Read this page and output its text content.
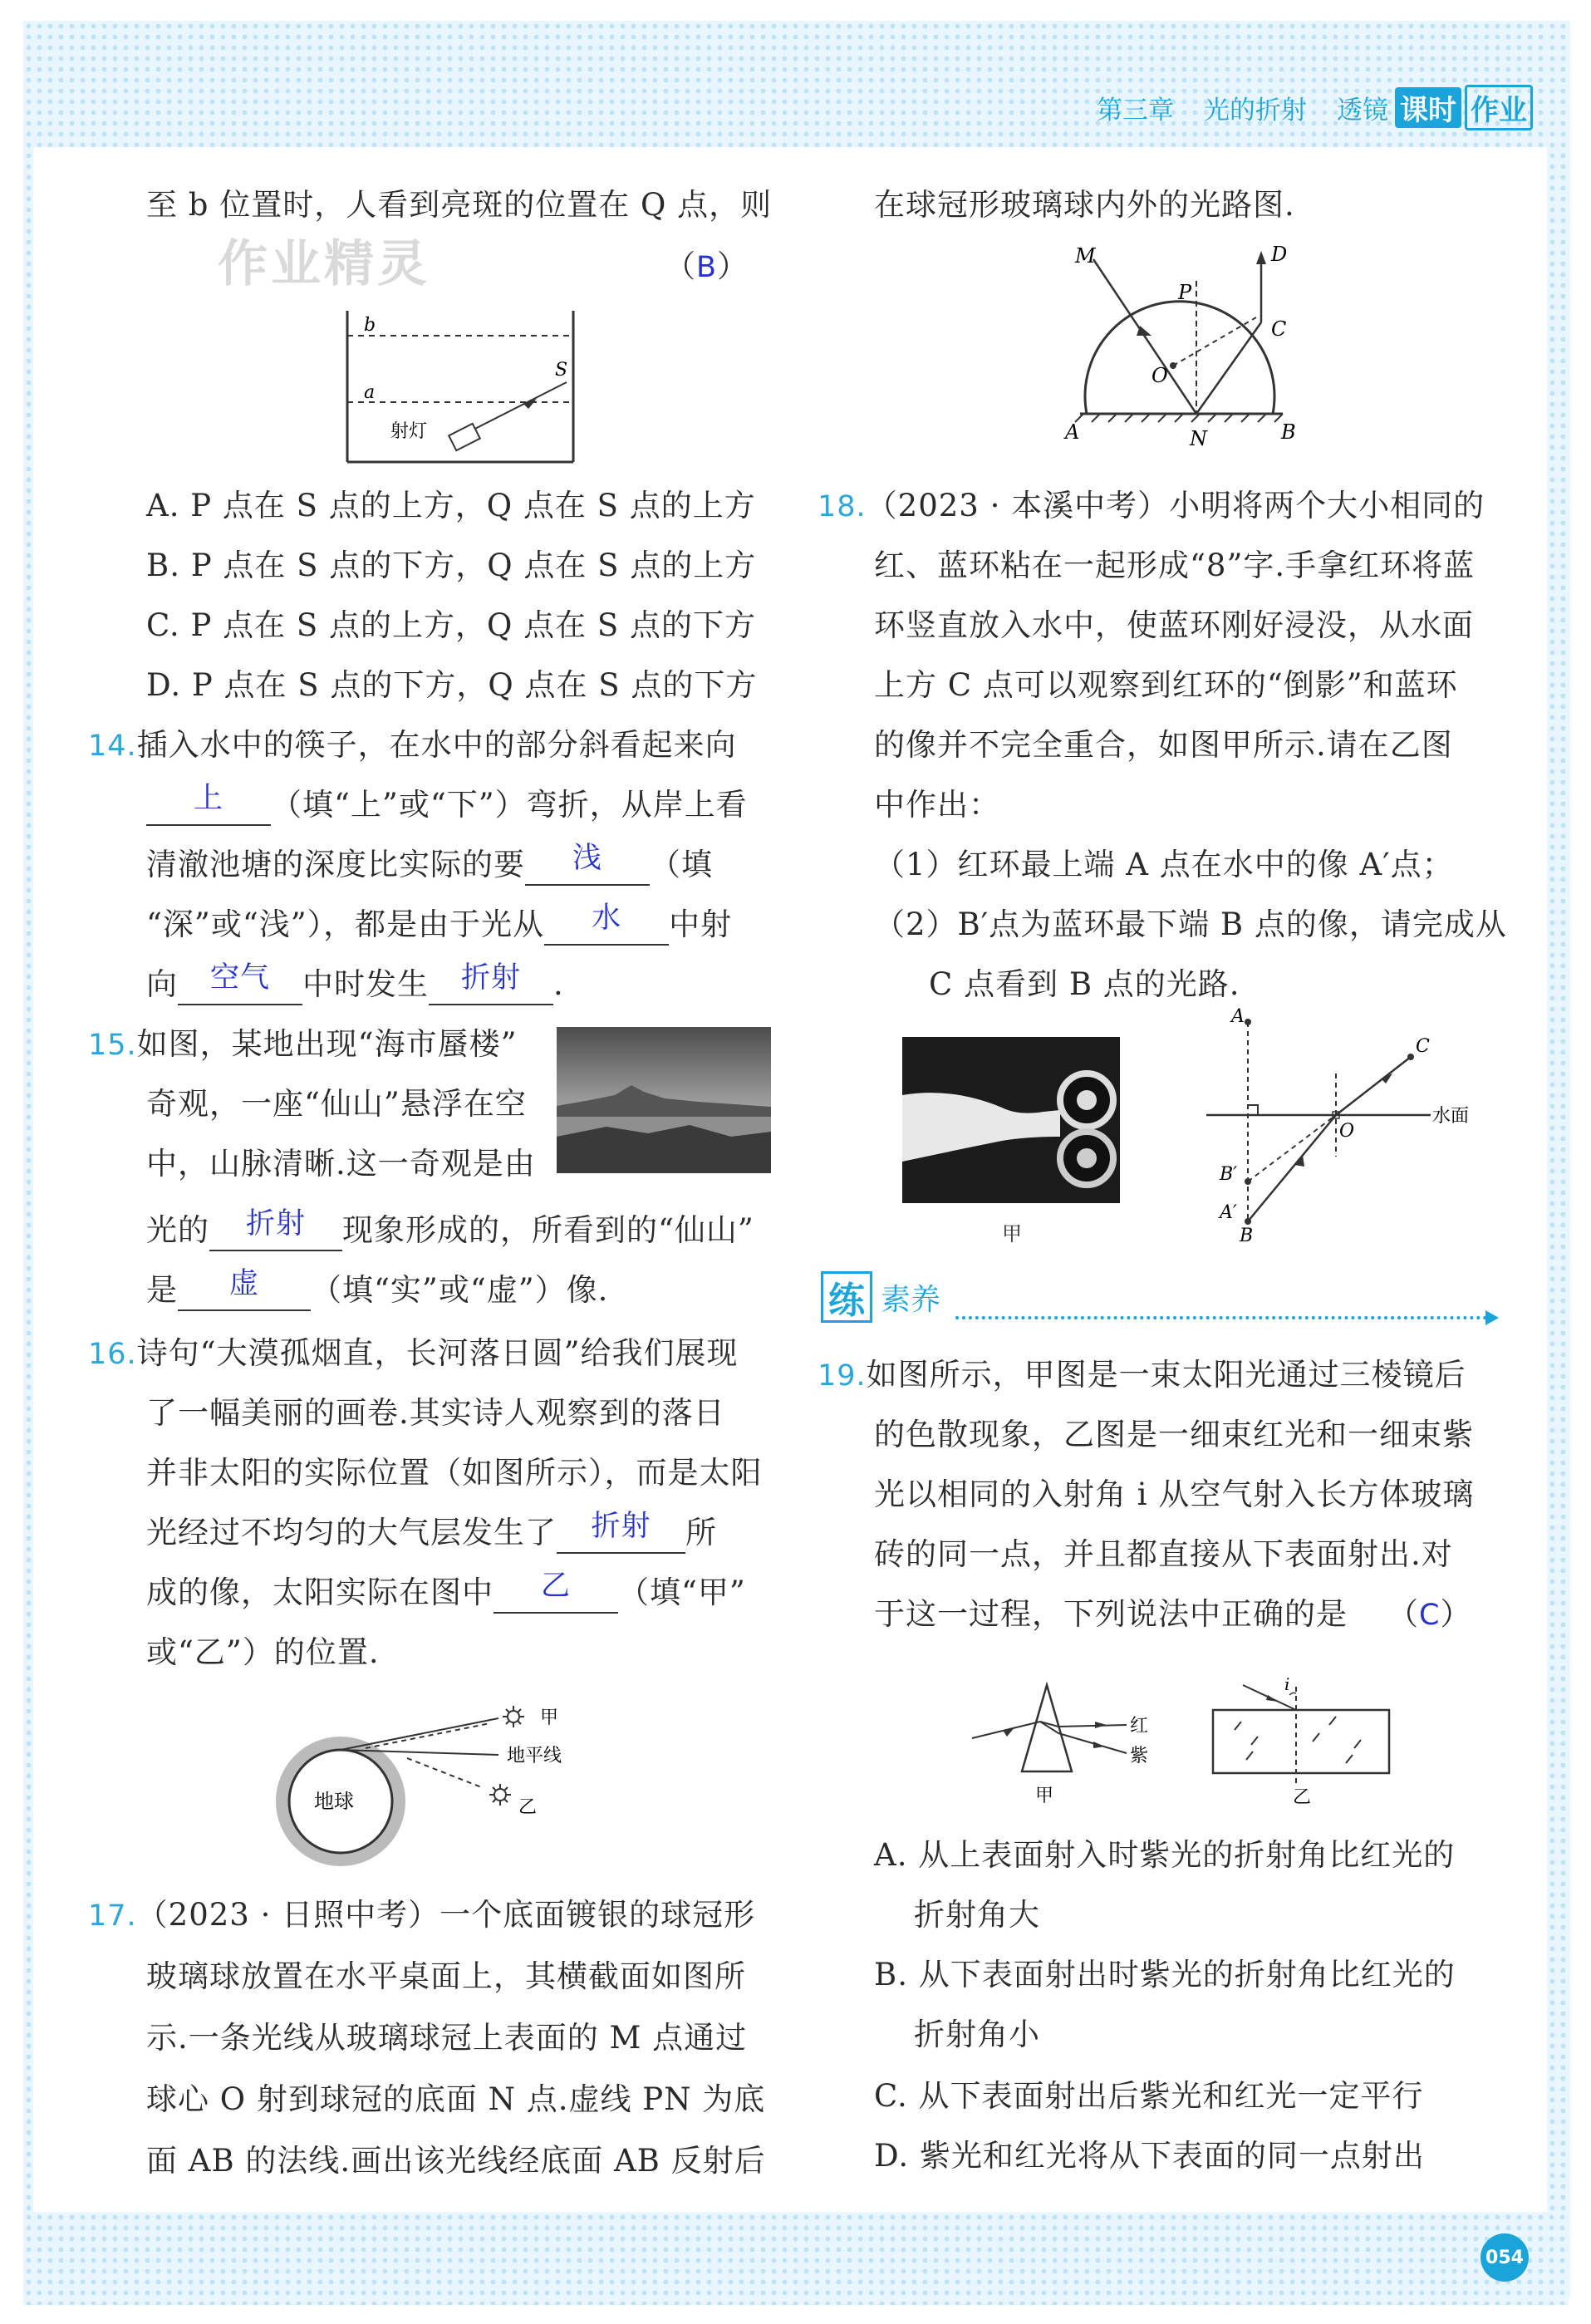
第三章 光的折射 透镜 课时 作业
至 b 位置时，人看到亮斑的位置在 Q 点，则
作业精灵	（B）
b
a
S
射灯
A. P 点在 S 点的上方，Q 点在 S 点的上方
B. P 点在 S 点的下方，Q 点在 S 点的上方
C. P 点在 S 点的上方，Q 点在 S 点的下方
D. P 点在 S 点的下方，Q 点在 S 点的下方
14.插入水中的筷子，在水中的部分斜看起来向
上	（填“上”或“下”）弯折，从岸上看
清澈池塘的深度比实际的要	浅	（填
“深”或“浅”），都是由于光从	水	中射
向	空气	中时发生	折射	.
15.如图，某地出现“海市蜃楼”
奇观，一座“仙山”悬浮在空
中，山脉清晰.这一奇观是由
光的	折射	现象形成的，所看到的“仙山”
是	虚	（填“实”或“虚”）像.
16.诗句“大漠孤烟直，长河落日圆”给我们展现
了一幅美丽的画卷.其实诗人观察到的落日
并非太阳的实际位置（如图所示），而是太阳
光经过不均匀的大气层发生了	折射	所
成的像，太阳实际在图中	乙	（填“甲”
或“乙”）的位置.
地球
甲
地平线
乙
17.（2023 · 日照中考）一个底面镀银的球冠形
玻璃球放置在水平桌面上，其横截面如图所
示.一条光线从玻璃球冠上表面的 M 点通过
球心 O 射到球冠的底面 N 点.虚线 PN 为底
面 AB 的法线.画出该光线经底面 AB 反射后
在球冠形玻璃球内外的光路图.
M
P
D
C
O
A	N	B
18.（2023 · 本溪中考）小明将两个大小相同的
红、蓝环粘在一起形成“8”字.手拿红环将蓝
环竖直放入水中，使蓝环刚好浸没，从水面
上方 C 点可以观察到红环的“倒影”和蓝环
的像并不完全重合，如图甲所示.请在乙图
中作出：
（1）红环最上端 A 点在水中的像 A′点；
（2）B′点为蓝环最下端 B 点的像，请完成从
C 点看到 B 点的光路.
甲
水面
A
C
O
B′
A′
B
练 素养
19.如图所示，甲图是一束太阳光通过三棱镜后
的色散现象，乙图是一细束红光和一细束紫
光以相同的入射角 i 从空气射入长方体玻璃
砖的同一点，并且都直接从下表面射出.对
于这一过程，下列说法中正确的是 （C）
红
紫
甲
i
乙
A. 从上表面射入时紫光的折射角比红光的
折射角大
B. 从下表面射出时紫光的折射角比红光的
折射角小
C. 从下表面射出后紫光和红光一定平行
D. 紫光和红光将从下表面的同一点射出
054
